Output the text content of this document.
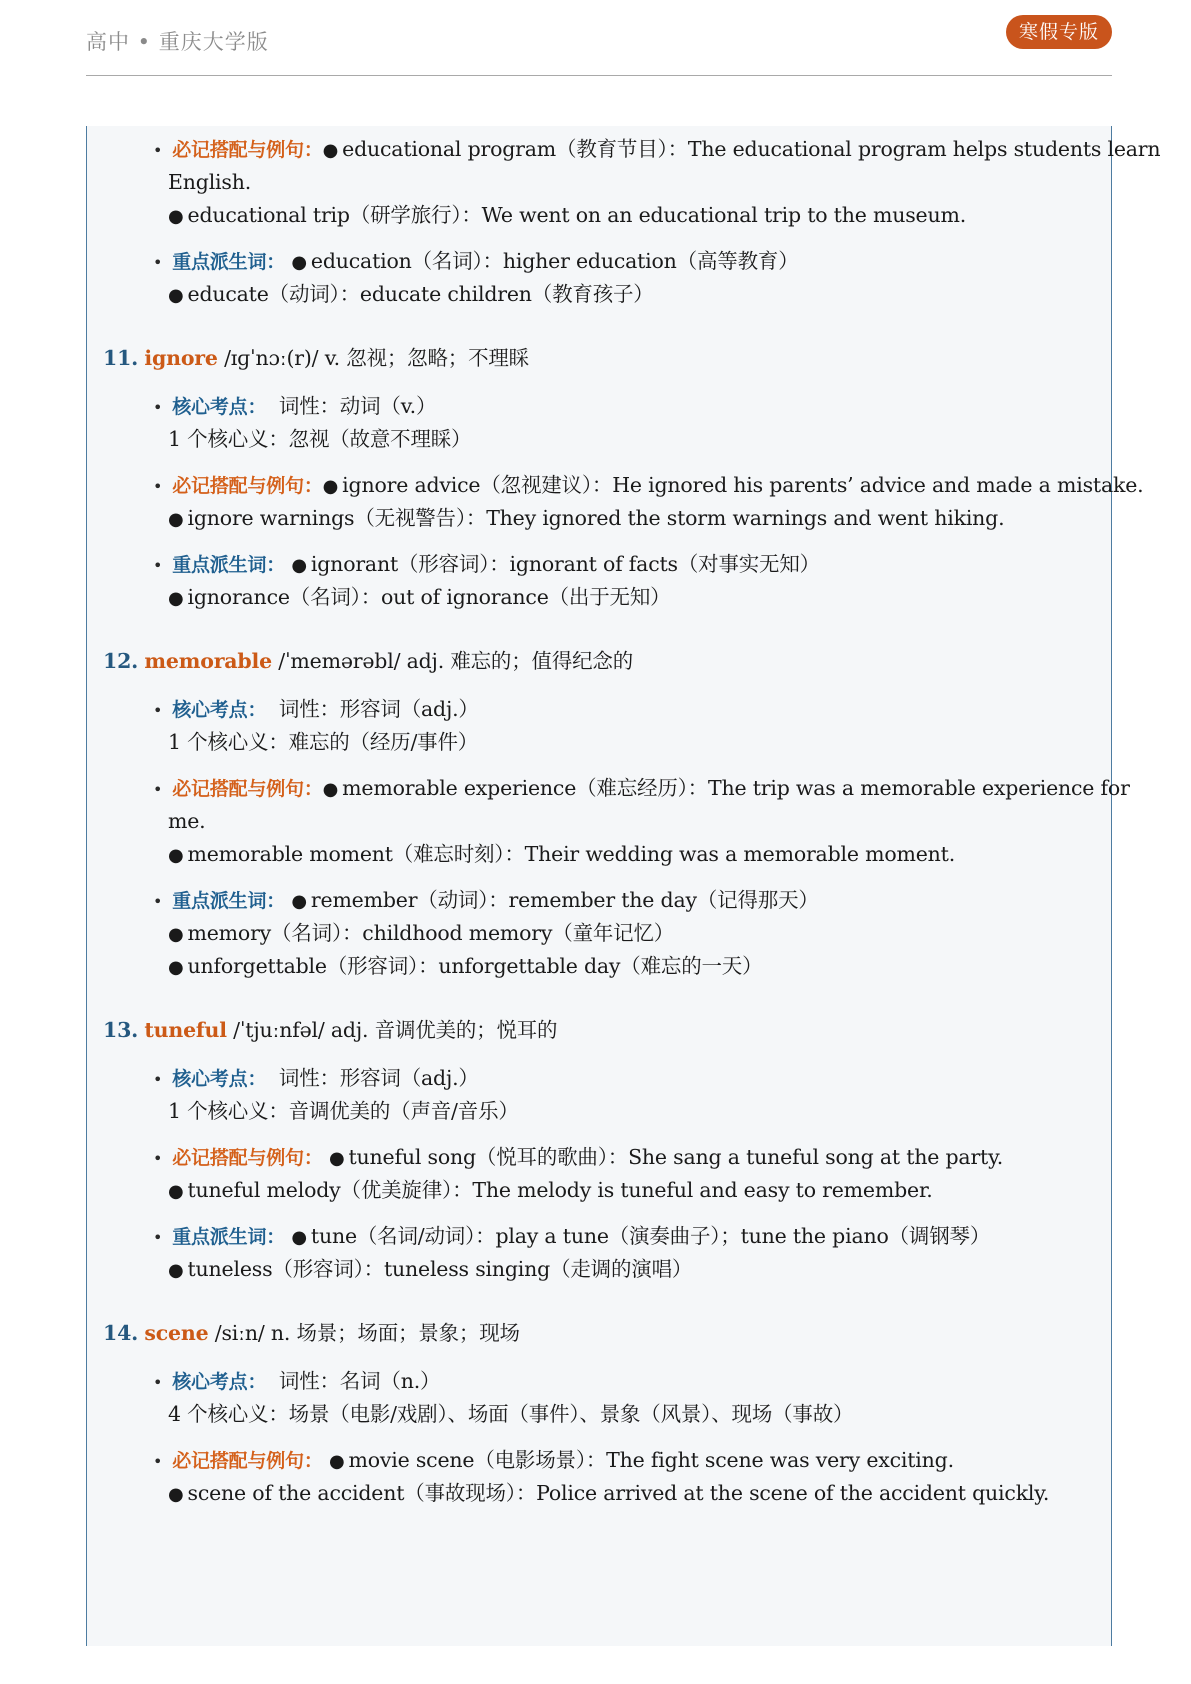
高中 • 重庆大学版	寒假专版
• 必记搭配与例句：● educational program（教育节目）：The educational program helps students learn
English.
● educational trip（研学旅行）：We went on an educational trip to the museum.
• 重点派生词： ● education（名词）：higher education（高等教育）
● educate（动词）：educate children（教育孩子）
11. ignore /ɪɡˈnɔː(r)/ v. 忽视；忽略；不理睬
• 核心考点： 词性：动词（v.）
1 个核心义：忽视（故意不理睬）
• 必记搭配与例句：● ignore advice（忽视建议）：He ignored his parents’ advice and made a mistake.
● ignore warnings（无视警告）：They ignored the storm warnings and went hiking.
• 重点派生词： ● ignorant（形容词）：ignorant of facts（对事实无知）
● ignorance（名词）：out of ignorance（出于无知）
12. memorable /ˈmemərəbl/ adj. 难忘的；值得纪念的
• 核心考点： 词性：形容词（adj.）
1 个核心义：难忘的（经历/事件）
• 必记搭配与例句：● memorable experience（难忘经历）：The trip was a memorable experience for
me.
● memorable moment（难忘时刻）：Their wedding was a memorable moment.
• 重点派生词： ● remember（动词）：remember the day（记得那天）
● memory（名词）：childhood memory（童年记忆）
● unforgettable（形容词）：unforgettable day（难忘的一天）
13. tuneful /ˈtjuːnfəl/ adj. 音调优美的；悦耳的
• 核心考点： 词性：形容词（adj.）
1 个核心义：音调优美的（声音/音乐）
• 必记搭配与例句： ● tuneful song（悦耳的歌曲）：She sang a tuneful song at the party.
● tuneful melody（优美旋律）：The melody is tuneful and easy to remember.
• 重点派生词： ● tune（名词/动词）：play a tune（演奏曲子）；tune the piano（调钢琴）
● tuneless（形容词）：tuneless singing（走调的演唱）
14. scene /siːn/ n. 场景；场面；景象；现场
• 核心考点： 词性：名词（n.）
4 个核心义：场景（电影/戏剧）、场面（事件）、景象（风景）、现场（事故）
• 必记搭配与例句： ● movie scene（电影场景）：The fight scene was very exciting.
● scene of the accident（事故现场）：Police arrived at the scene of the accident quickly.
